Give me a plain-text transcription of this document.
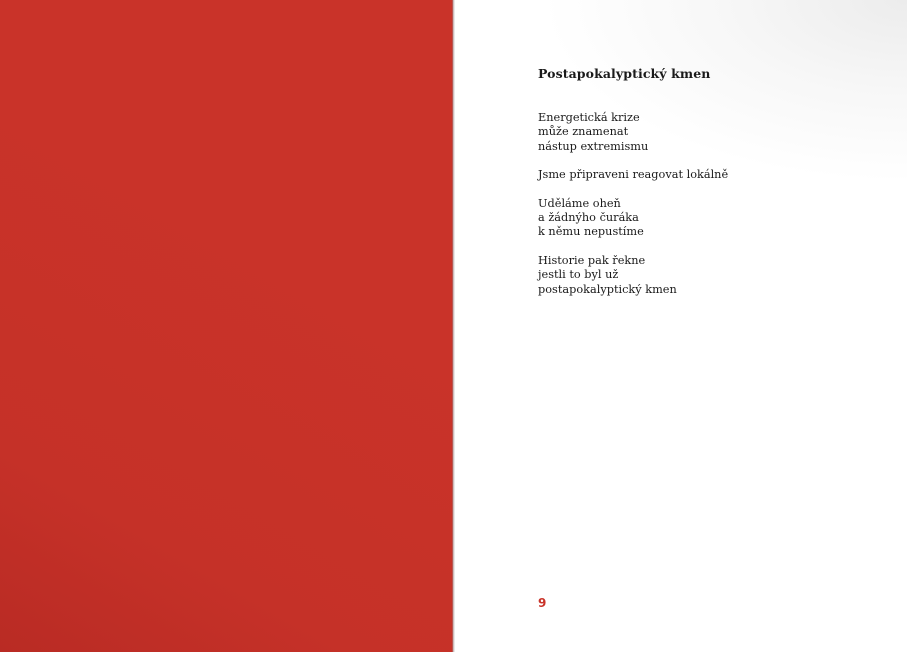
Postapokalyptický kmen

Energetická krize
může znamenat
nástup extremismu

Jsme připraveni reagovat lokálně

Uděláme oheň
a žádnýho čuráka
k němu nepustíme

Historie pak řekne
jestli to byl už
postapokalyptický kmen

9
